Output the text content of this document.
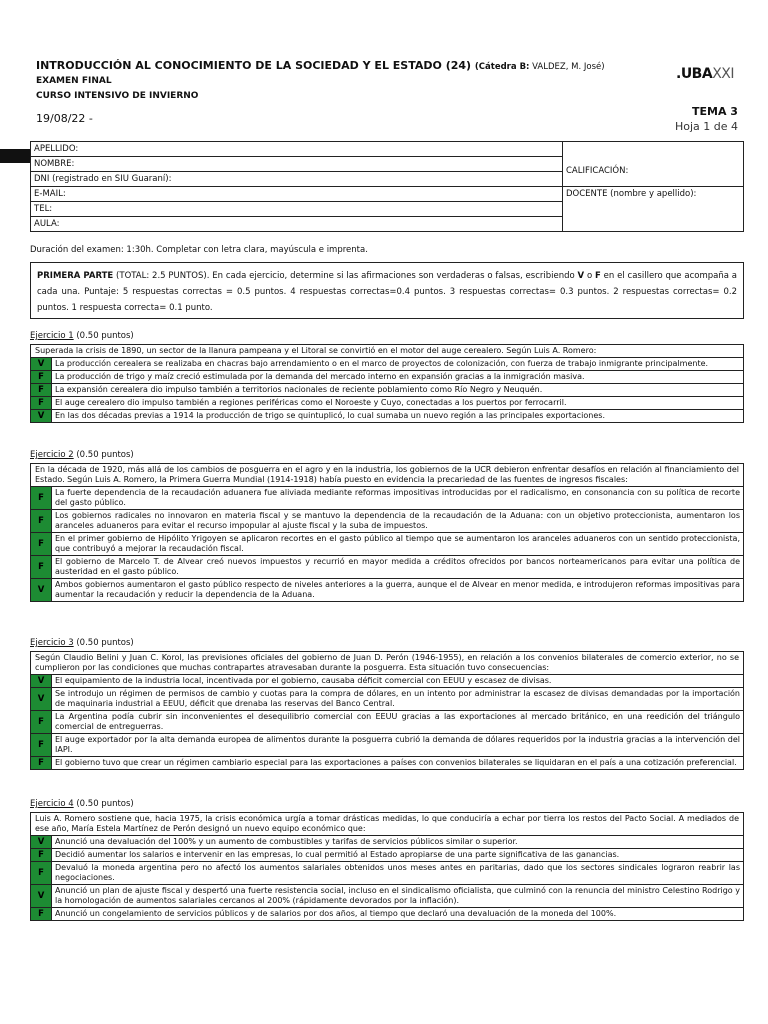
INTRODUCCIÓN AL CONOCIMIENTO DE LA SOCIEDAD Y EL ESTADO (24) (Cátedra B: VALDEZ, M. José)
EXAMEN FINAL
CURSO INTENSIVO DE INVIERNO
19/08/22 -
.UBAXXI
TEMA 3
Hoja 1 de 4
APELLIDO:	
NOMBRE:	CALIFICACIÓN:
DNI (registrado en SIU Guaraní):	
E-MAIL:	DOCENTE (nombre y apellido):
TEL:	
AULA:	
Duración del examen: 1:30h. Completar con letra clara, mayúscula e imprenta.
PRIMERA PARTE (TOTAL: 2.5 PUNTOS). En cada ejercicio, determine si las afirmaciones son verdaderas o falsas, escribiendo V o F en el casillero que acompaña a cada una. Puntaje: 5 respuestas correctas = 0.5 puntos. 4 respuestas correctas=0.4 puntos. 3 respuestas correctas= 0.3 puntos. 2 respuestas correctas= 0.2 puntos. 1 respuesta correcta= 0.1 punto.
Ejercicio 1 (0.50 puntos)
Superada la crisis de 1890, un sector de la llanura pampeana y el Litoral se convirtió en el motor del auge cerealero. Según Luis A. Romero:
V	La producción cerealera se realizaba en chacras bajo arrendamiento o en el marco de proyectos de colonización, con fuerza de trabajo inmigrante principalmente.
F	La producción de trigo y maíz creció estimulada por la demanda del mercado interno en expansión gracias a la inmigración masiva.
F	La expansión cerealera dio impulso también a territorios nacionales de reciente poblamiento como Río Negro y Neuquén.
F	El auge cerealero dio impulso también a regiones periféricas como el Noroeste y Cuyo, conectadas a los puertos por ferrocarril.
V	En las dos décadas previas a 1914 la producción de trigo se quintuplicó, lo cual sumaba un nuevo región a las principales exportaciones.
Ejercicio 2 (0.50 puntos)
En la década de 1920, más allá de los cambios de posguerra en el agro y en la industria, los gobiernos de la UCR debieron enfrentar desafíos en relación al financiamiento del Estado. Según Luis A. Romero, la Primera Guerra Mundial (1914-1918) había puesto en evidencia la precariedad de las fuentes de ingresos fiscales:
F
La fuerte dependencia de la recaudación aduanera fue aliviada mediante reformas impositivas introducidas por el radicalismo, en consonancia con su política de recorte del gasto público.
F
Los gobiernos radicales no innovaron en materia fiscal y se mantuvo la dependencia de la recaudación de la Aduana: con un objetivo proteccionista, aumentaron los aranceles aduaneros para evitar el recurso impopular al ajuste fiscal y la suba de impuestos.
F
En el primer gobierno de Hipólito Yrigoyen se aplicaron recortes en el gasto público al tiempo que se aumentaron los aranceles aduaneros con un sentido proteccionista, que contribuyó a mejorar la recaudación fiscal.
F
El gobierno de Marcelo T. de Alvear creó nuevos impuestos y recurrió en mayor medida a créditos ofrecidos por bancos norteamericanos para evitar una política de austeridad en el gasto público.
V
Ambos gobiernos aumentaron el gasto público respecto de niveles anteriores a la guerra, aunque el de Alvear en menor medida, e introdujeron reformas impositivas para aumentar la recaudación y reducir la dependencia de la Aduana.
Ejercicio 3 (0.50 puntos)
Según Claudio Belini y Juan C. Korol, las previsiones oficiales del gobierno de Juan D. Perón (1946-1955), en relación a los convenios bilaterales de comercio exterior, no se cumplieron por las condiciones que muchas contrapartes atravesaban durante la posguerra. Esta situación tuvo consecuencias:
V	El equipamiento de la industria local, incentivada por el gobierno, causaba déficit comercial con EEUU y escasez de divisas.
V
Se introdujo un régimen de permisos de cambio y cuotas para la compra de dólares, en un intento por administrar la escasez de divisas demandadas por la importación de maquinaria industrial a EEUU, déficit que drenaba las reservas del Banco Central.
F
La Argentina podía cubrir sin inconvenientes el desequilibrio comercial con EEUU gracias a las exportaciones al mercado británico, en una reedición del triángulo comercial de entreguerras.
F
El auge exportador por la alta demanda europea de alimentos durante la posguerra cubrió la demanda de dólares requeridos por la industria gracias a la intervención del IAPI.
F	El gobierno tuvo que crear un régimen cambiario especial para las exportaciones a países con convenios bilaterales se liquidaran en el país a una cotización preferencial.
Ejercicio 4 (0.50 puntos)
Luis A. Romero sostiene que, hacia 1975, la crisis económica urgía a tomar drásticas medidas, lo que conduciría a echar por tierra los restos del Pacto Social. A mediados de ese año, María Estela Martínez de Perón designó un nuevo equipo económico que:
V	Anunció una devaluación del 100% y un aumento de combustibles y tarifas de servicios públicos similar o superior.
F	Decidió aumentar los salarios e intervenir en las empresas, lo cual permitió al Estado apropiarse de una parte significativa de las ganancias.
F
Devaluó la moneda argentina pero no afectó los aumentos salariales obtenidos unos meses antes en paritarias, dado que los sectores sindicales lograron reabrir las negociaciones.
V
Anunció un plan de ajuste fiscal y despertó una fuerte resistencia social, incluso en el sindicalismo oficialista, que culminó con la renuncia del ministro Celestino Rodrigo y la homologación de aumentos salariales cercanos al 200% (rápidamente devorados por la inflación).
F	Anunció un congelamiento de servicios públicos y de salarios por dos años, al tiempo que declaró una devaluación de la moneda del 100%.
